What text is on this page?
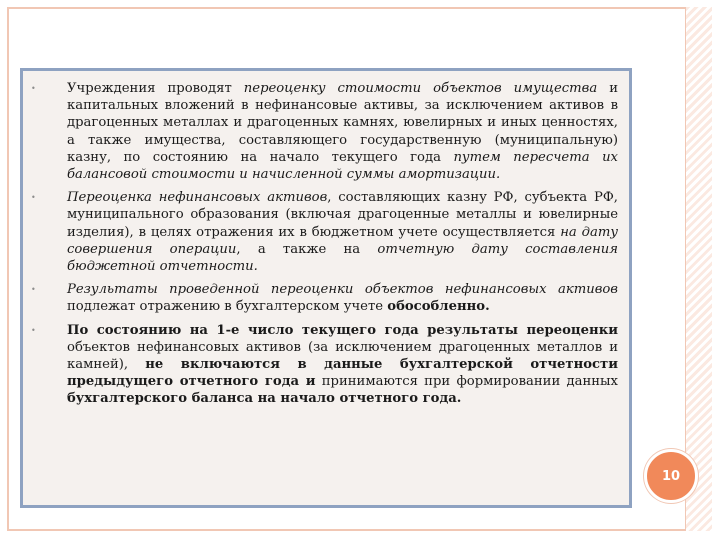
• Учреждения проводят переоценку стоимости объектов имущества и капитальных вложений в нефинансовые активы, за исключением активов в драгоценных металлах и драгоценных камнях, ювелирных и иных ценностях, а также имущества, составляющего государственную (муниципальную) казну, по состоянию на начало текущего года путем пересчета их балансовой стоимости и начисленной суммы амортизации.
• Переоценка нефинансовых активов, составляющих казну РФ, субъекта РФ, муниципального образования (включая драгоценные металлы и ювелирные изделия), в целях отражения их в бюджетном учете осуществляется на дату совершения операции, а также на отчетную дату составления бюджетной отчетности.
• Результаты проведенной переоценки объектов нефинансовых активов подлежат отражению в бухгалтерском учете обособленно.
• По состоянию на 1-е число текущего года результаты переоценки объектов нефинансовых активов (за исключением драгоценных металлов и камней), не включаются в данные бухгалтерской отчетности предыдущего отчетного года и принимаются при формировании данных бухгалтерского баланса на начало отчетного года.
10
